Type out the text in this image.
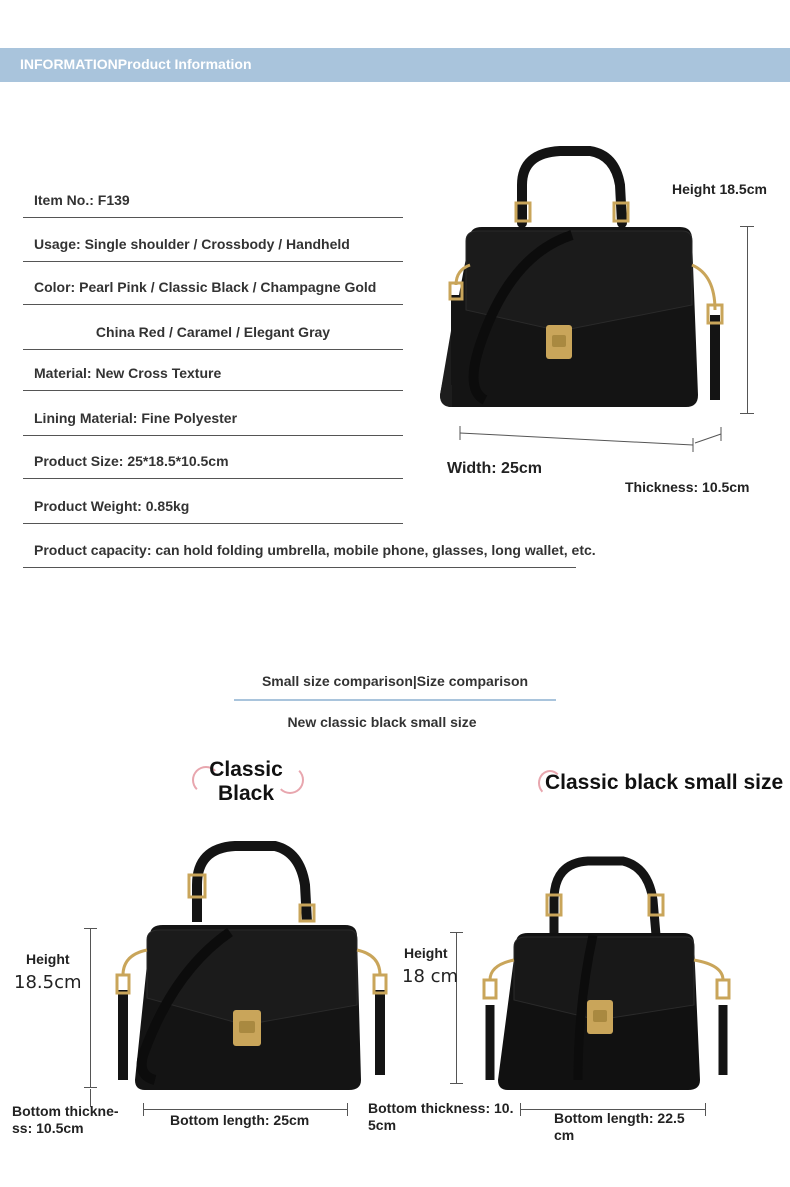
INFORMATIONProduct Information
Item No.: F139
Usage: Single shoulder / Crossbody / Handheld
Color: Pearl Pink / Classic Black / Champagne Gold
China Red / Caramel / Elegant Gray
Material: New Cross Texture
Lining Material: Fine Polyester
Product Size: 25*18.5*10.5cm
Product Weight: 0.85kg
Product capacity: can hold folding umbrella, mobile phone, glasses, long wallet, etc.
Height 18.5cm
Width: 25cm
Thickness: 10.5cm
Small size comparison|Size comparison
New classic black small size
Classic
Black	Classic black small size
Height
18.5cm
Bottom thickne-
ss: 10.5cm	Bottom length: 25cm
Height
18 cm
Bottom thickness: 10.
5cm	Bottom length: 22.5
cm
